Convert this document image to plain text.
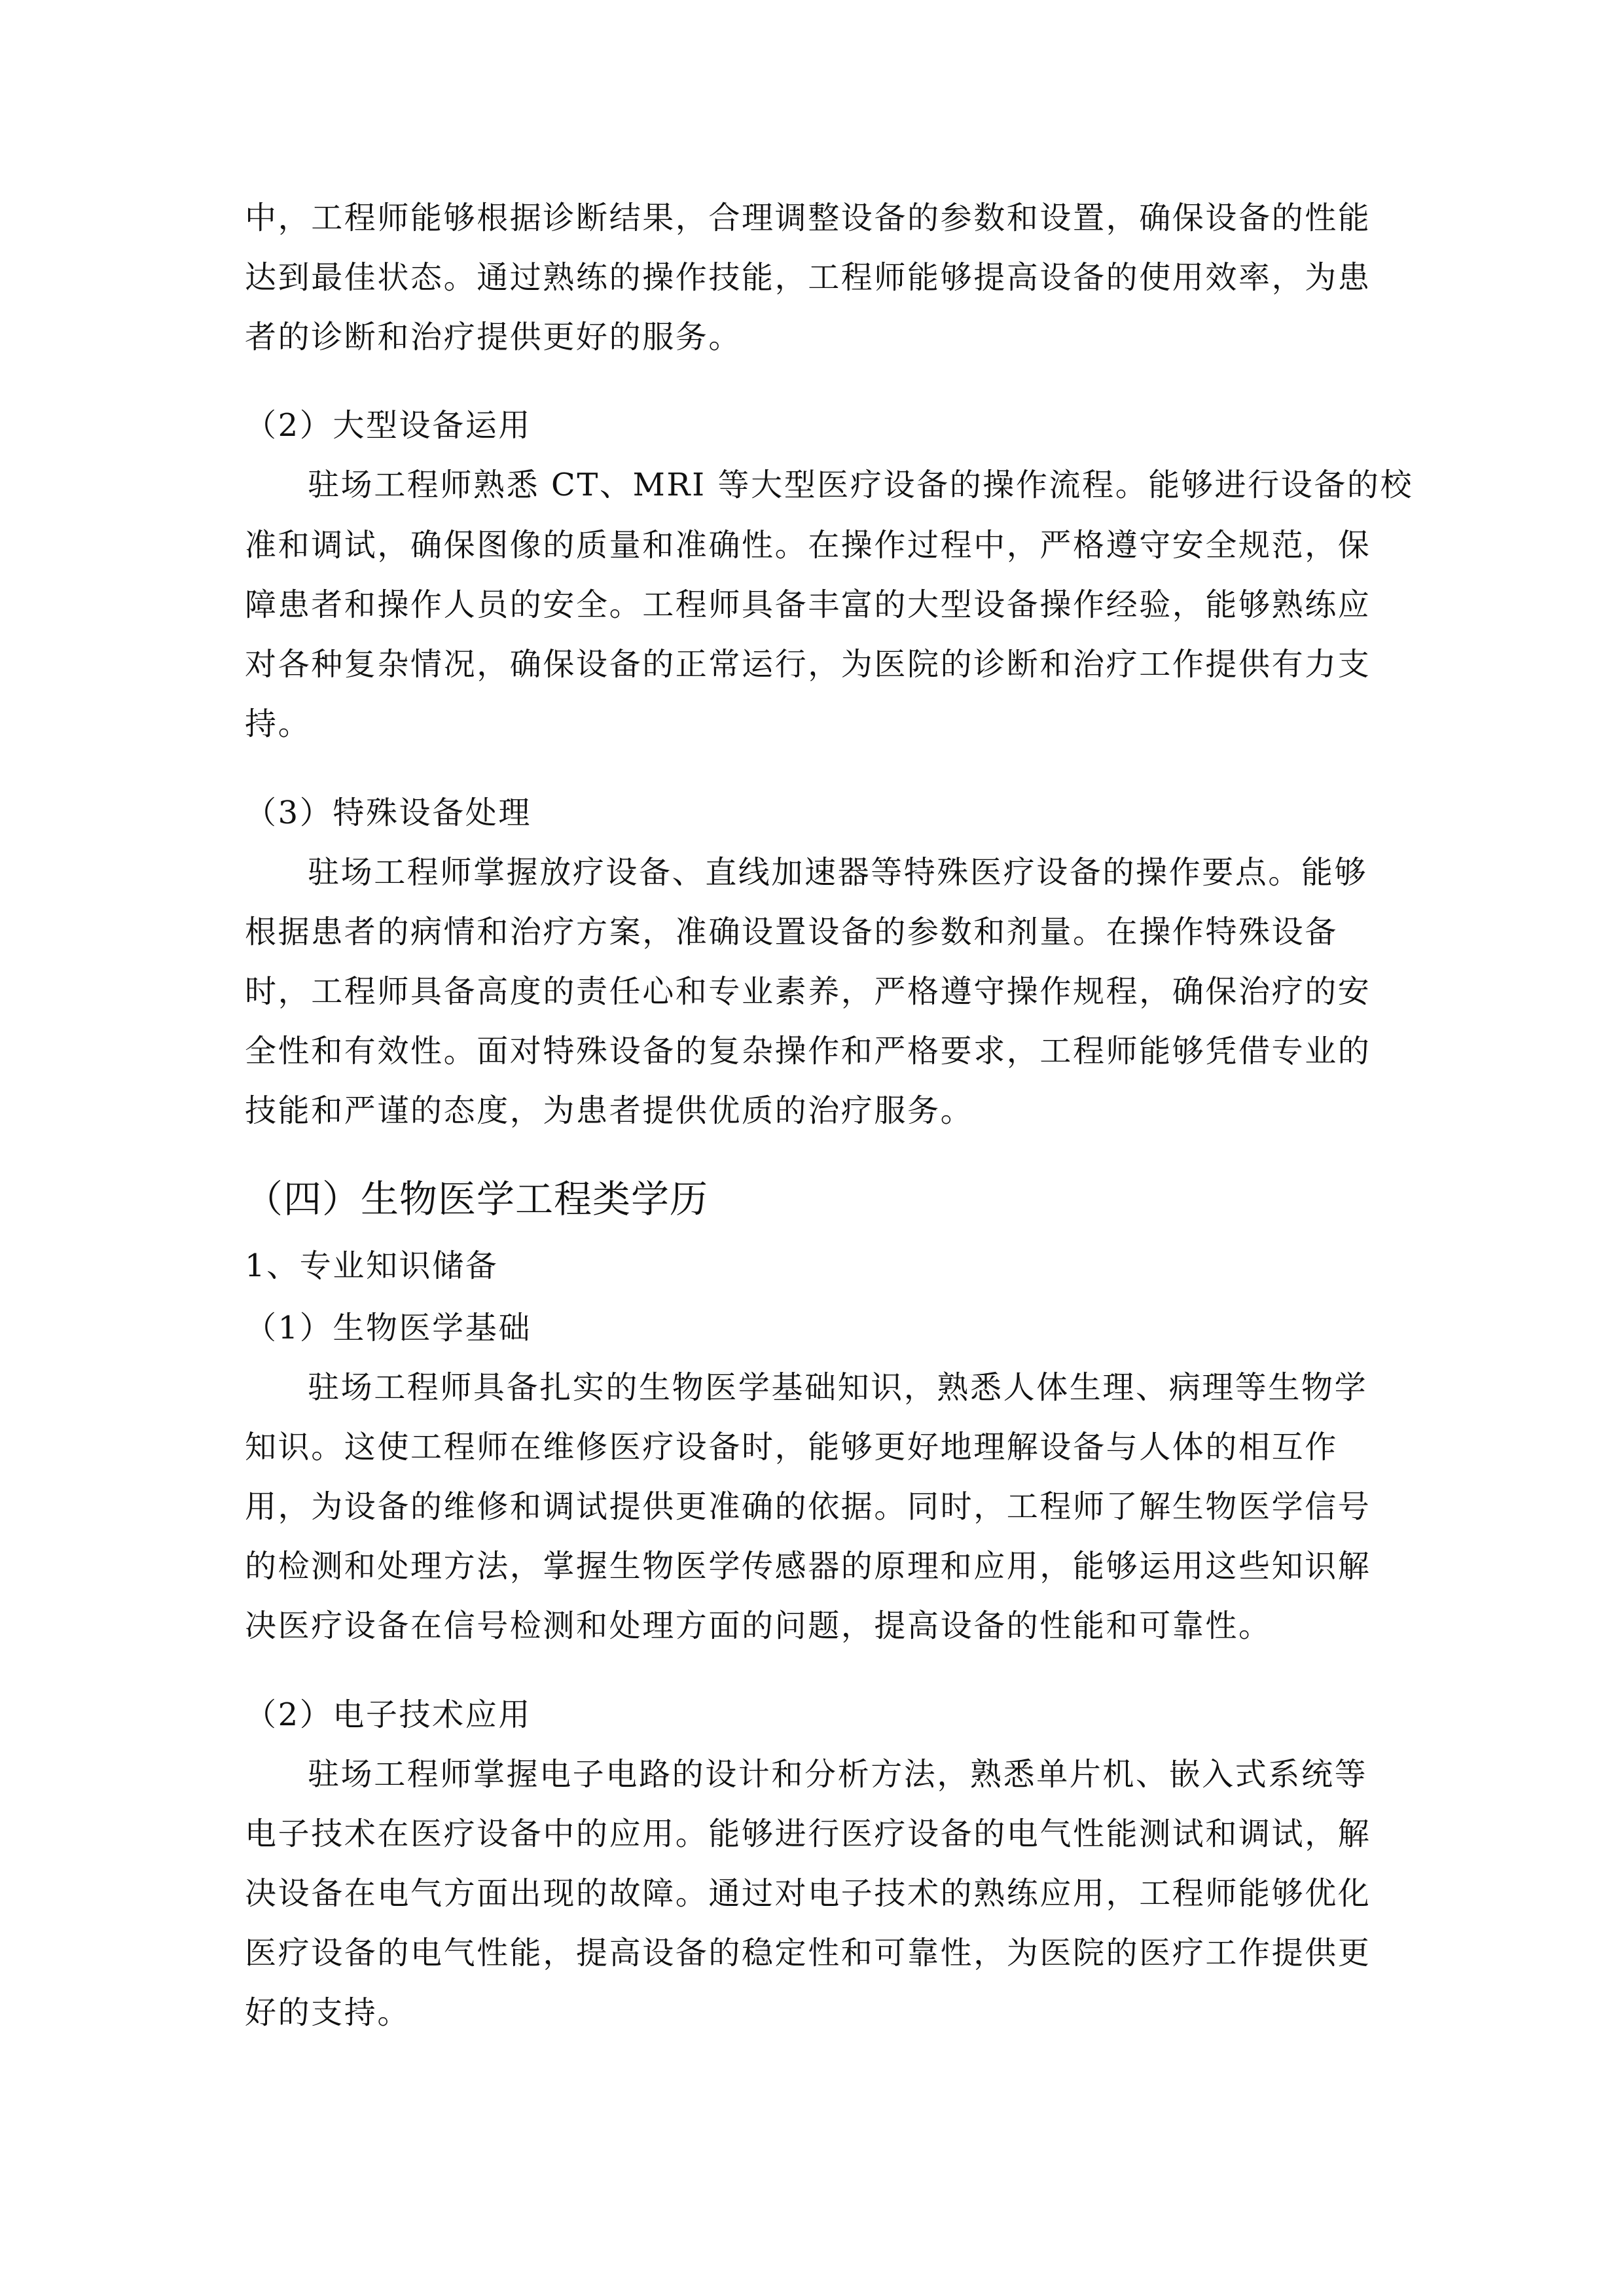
中，工程师能够根据诊断结果，合理调整设备的参数和设置，确保设备的性能
达到最佳状态。通过熟练的操作技能，工程师能够提高设备的使用效率，为患
者的诊断和治疗提供更好的服务。
（2）大型设备运用
驻场工程师熟悉 CT、MRI 等大型医疗设备的操作流程。能够进行设备的校
准和调试，确保图像的质量和准确性。在操作过程中，严格遵守安全规范，保
障患者和操作人员的安全。工程师具备丰富的大型设备操作经验，能够熟练应
对各种复杂情况，确保设备的正常运行，为医院的诊断和治疗工作提供有力支
持。
（3）特殊设备处理
驻场工程师掌握放疗设备、直线加速器等特殊医疗设备的操作要点。能够
根据患者的病情和治疗方案，准确设置设备的参数和剂量。在操作特殊设备
时，工程师具备高度的责任心和专业素养，严格遵守操作规程，确保治疗的安
全性和有效性。面对特殊设备的复杂操作和严格要求，工程师能够凭借专业的
技能和严谨的态度，为患者提供优质的治疗服务。
（四）生物医学工程类学历
1、专业知识储备
（1）生物医学基础
驻场工程师具备扎实的生物医学基础知识，熟悉人体生理、病理等生物学
知识。这使工程师在维修医疗设备时，能够更好地理解设备与人体的相互作
用，为设备的维修和调试提供更准确的依据。同时，工程师了解生物医学信号
的检测和处理方法，掌握生物医学传感器的原理和应用，能够运用这些知识解
决医疗设备在信号检测和处理方面的问题，提高设备的性能和可靠性。
（2）电子技术应用
驻场工程师掌握电子电路的设计和分析方法，熟悉单片机、嵌入式系统等
电子技术在医疗设备中的应用。能够进行医疗设备的电气性能测试和调试，解
决设备在电气方面出现的故障。通过对电子技术的熟练应用，工程师能够优化
医疗设备的电气性能，提高设备的稳定性和可靠性，为医院的医疗工作提供更
好的支持。
